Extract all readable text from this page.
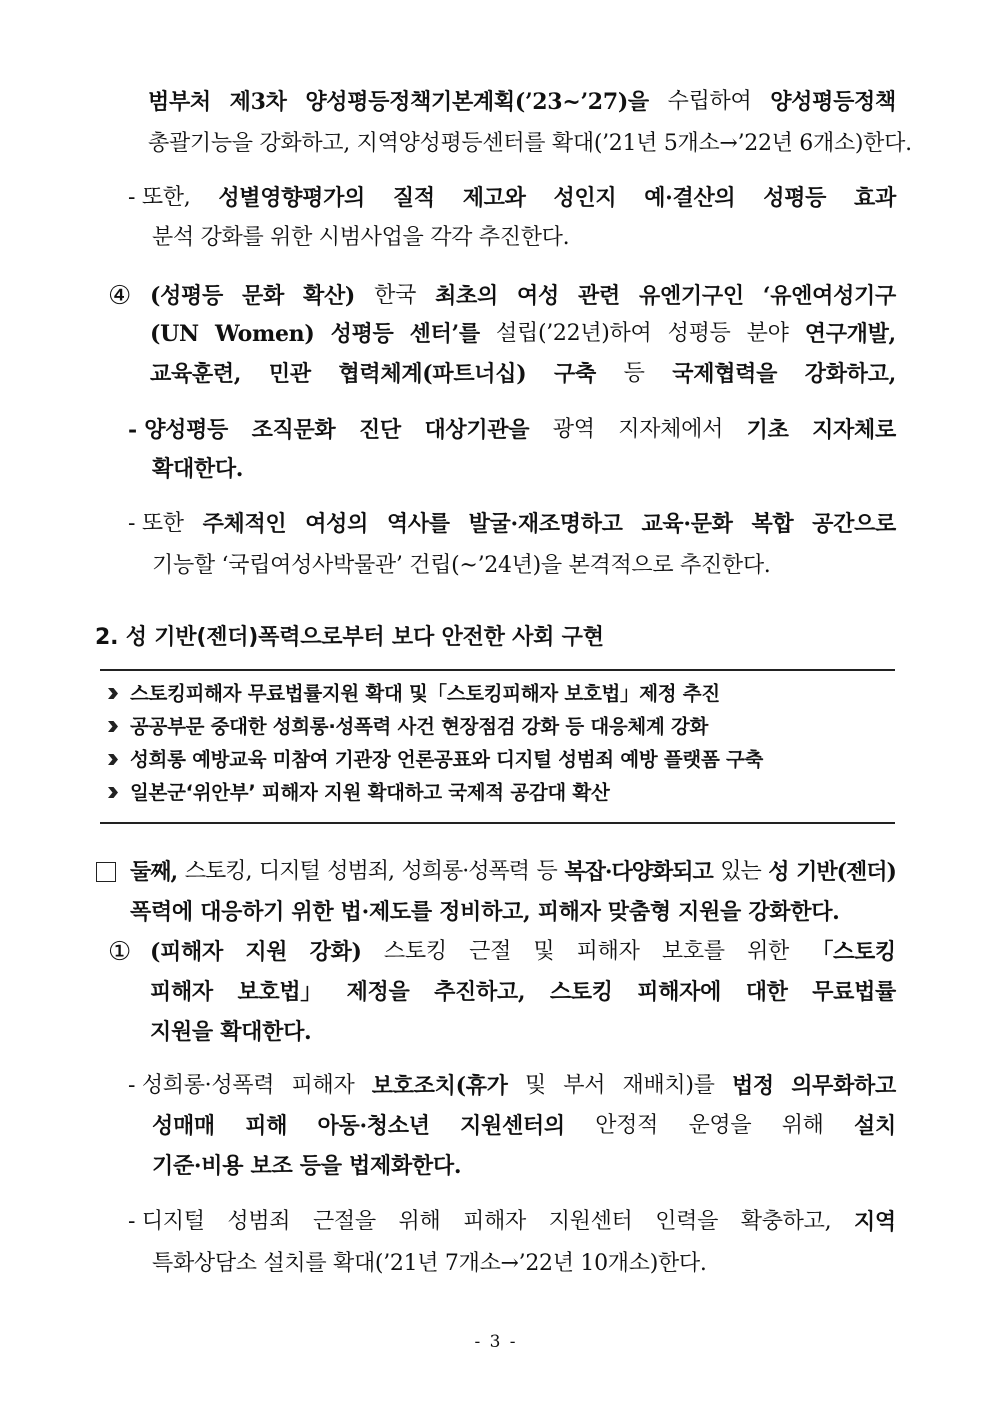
범부처 제3차 양성평등정책기본계획(’23~’27)을 수립하여 양성평등정책
총괄기능을 강화하고, 지역양성평등센터를 확대(’21년 5개소→’22년 6개소)한다.
- 또한, 성별영향평가의 질적 제고와 성인지 예·결산의 성평등 효과
분석 강화를 위한 시범사업을 각각 추진한다.
④ (성평등 문화 확산) 한국 최초의 여성 관련 유엔기구인 ‘유엔여성기구
(UN Women) 성평등 센터’를 설립(’22년)하여 성평등 분야 연구개발,
교육훈련, 민관 협력체계(파트너십) 구축 등 국제협력을 강화하고,
- 양성평등 조직문화 진단 대상기관을 광역 지자체에서 기초 지자체로
확대한다.
- 또한 주체적인 여성의 역사를 발굴·재조명하고 교육·문화 복합 공간으로
기능할 ‘국립여성사박물관’ 건립(~’24년)을 본격적으로 추진한다.
2. 성 기반(젠더)폭력으로부터 보다 안전한 사회 구현
스토킹피해자 무료법률지원 확대 및「스토킹피해자 보호법」제정 추진
공공부문 중대한 성희롱·성폭력 사건 현장점검 강화 등 대응체계 강화
성희롱 예방교육 미참여 기관장 언론공표와 디지털 성범죄 예방 플랫폼 구축
일본군‘위안부’ 피해자 지원 확대하고 국제적 공감대 확산
둘째, 스토킹, 디지털 성범죄, 성희롱·성폭력 등 복잡·다양화되고 있는 성 기반(젠더)
폭력에 대응하기 위한 법·제도를 정비하고, 피해자 맞춤형 지원을 강화한다.
① (피해자 지원 강화) 스토킹 근절 및 피해자 보호를 위한 「스토킹
피해자 보호법」 제정을 추진하고, 스토킹 피해자에 대한 무료법률
지원을 확대한다.
- 성희롱·성폭력 피해자 보호조치(휴가 및 부서 재배치)를 법정 의무화하고
성매매 피해 아동·청소년 지원센터의 안정적 운영을 위해 설치
기준·비용 보조 등을 법제화한다.
- 디지털 성범죄 근절을 위해 피해자 지원센터 인력을 확충하고, 지역
특화상담소 설치를 확대(’21년 7개소→’22년 10개소)한다.
- 3 -
